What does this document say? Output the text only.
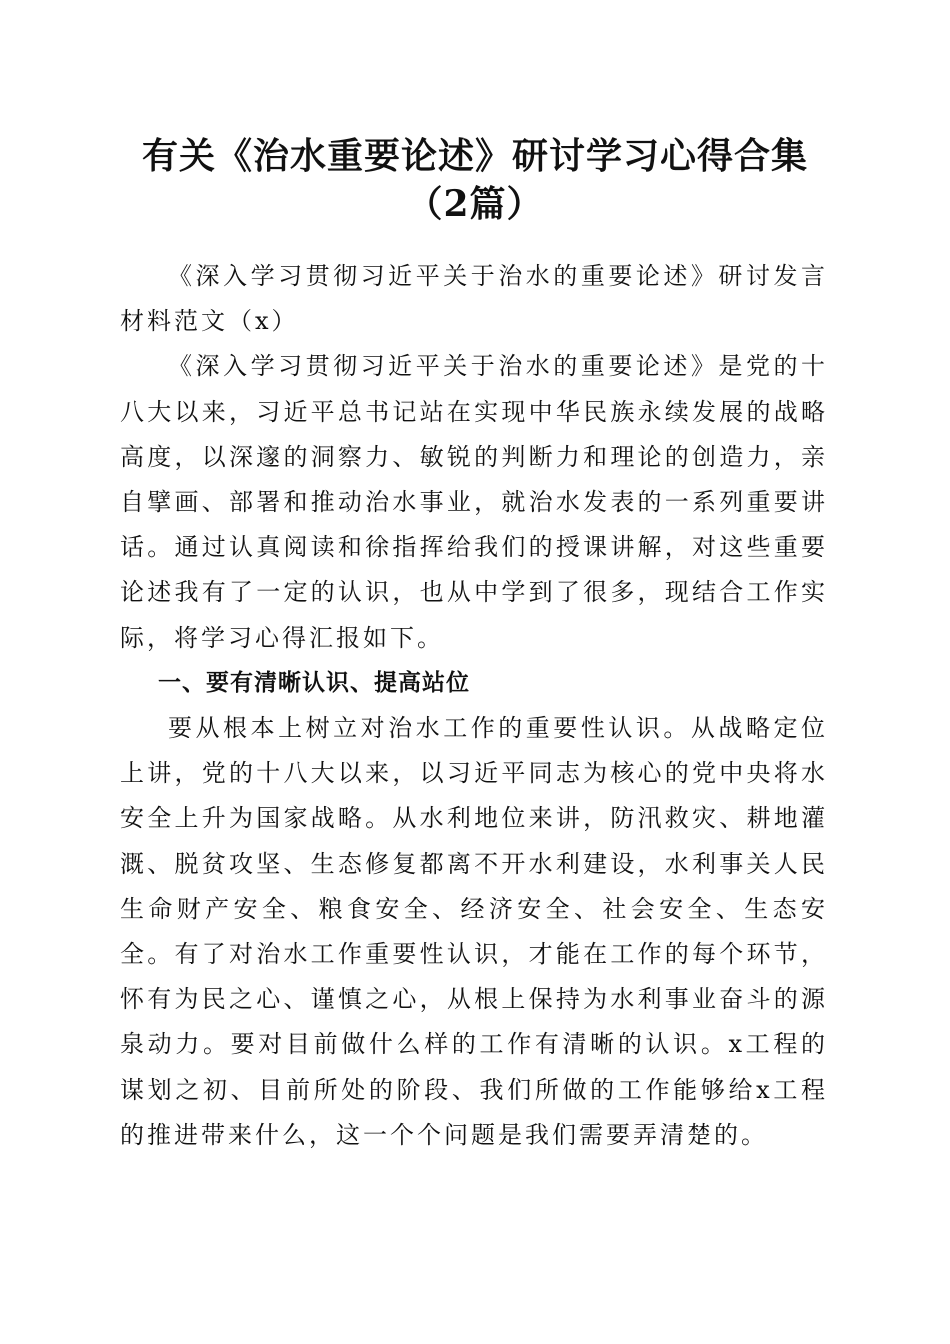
有关《治水重要论述》研讨学习心得合集（2篇）

《深入学习贯彻习近平关于治水的重要论述》研讨发言材料范文（x）

《深入学习贯彻习近平关于治水的重要论述》是党的十八大以来，习近平总书记站在实现中华民族永续发展的战略高度，以深邃的洞察力、敏锐的判断力和理论的创造力，亲自擘画、部署和推动治水事业，就治水发表的一系列重要讲话。通过认真阅读和徐指挥给我们的授课讲解，对这些重要论述我有了一定的认识，也从中学到了很多，现结合工作实际，将学习心得汇报如下。

一、要有清晰认识、提高站位

要从根本上树立对治水工作的重要性认识。从战略定位上讲，党的十八大以来，以习近平同志为核心的党中央将水安全上升为国家战略。从水利地位来讲，防汛救灾、耕地灌溉、脱贫攻坚、生态修复都离不开水利建设，水利事关人民生命财产安全、粮食安全、经济安全、社会安全、生态安全。有了对治水工作重要性认识，才能在工作的每个环节，怀有为民之心、谨慎之心，从根上保持为水利事业奋斗的源泉动力。要对目前做什么样的工作有清晰的认识。x工程的谋划之初、目前所处的阶段、我们所做的工作能够给x工程的推进带来什么，这一个个问题是我们需要弄清楚的。
